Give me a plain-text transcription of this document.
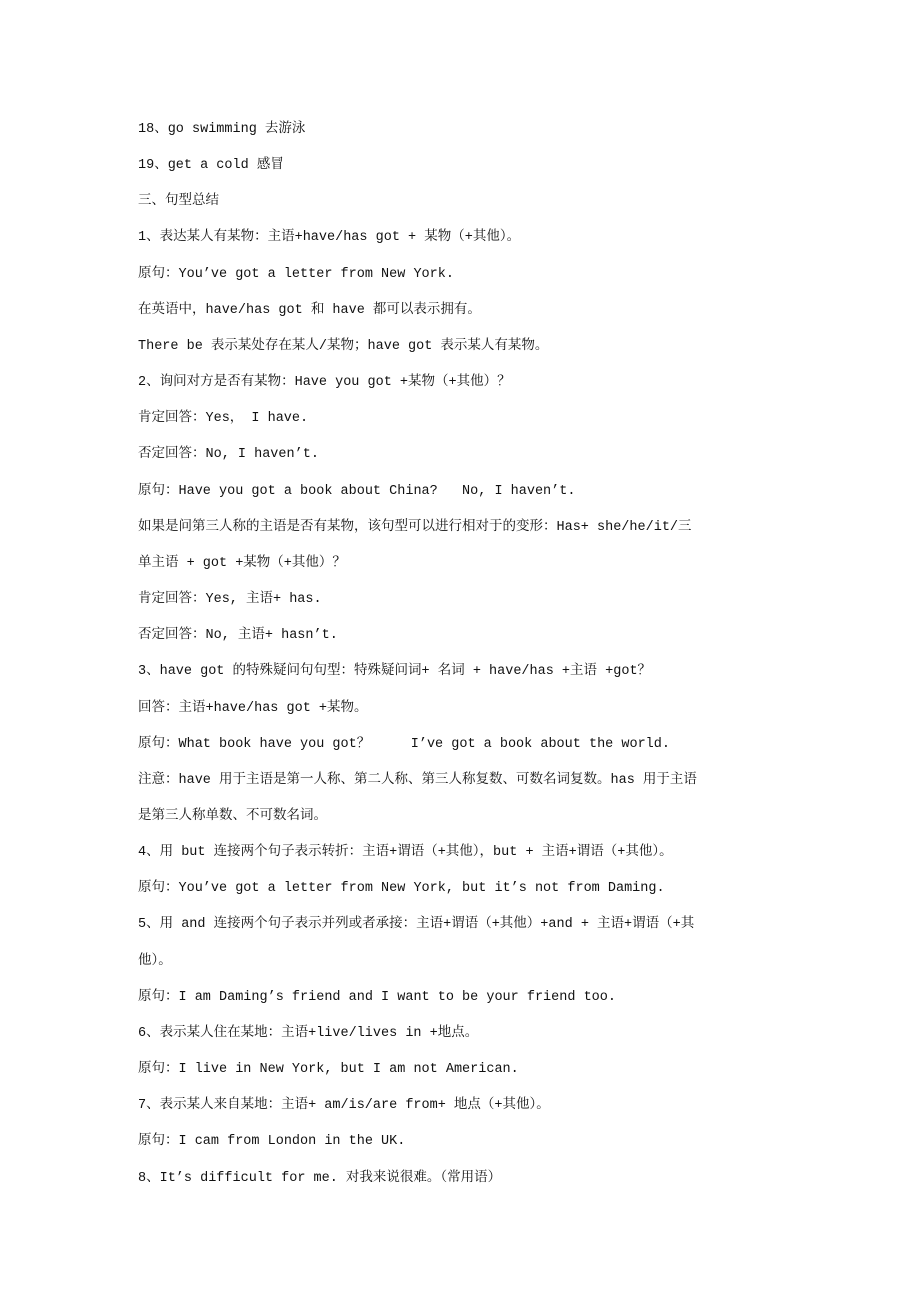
18、go swimming 去游泳
19、get a cold 感冒
三、句型总结
1、表达某人有某物：主语+have/has got + 某物（+其他）。
原句：You’ve got a letter from New York.
在英语中，have/has got 和 have 都可以表示拥有。
There be 表示某处存在某人/某物；have got 表示某人有某物。
2、询问对方是否有某物：Have you got +某物（+其他）？
肯定回答：Yes， I have.
否定回答：No, I haven’t.
原句：Have you got a book about China?   No, I haven’t.
如果是问第三人称的主语是否有某物，该句型可以进行相对于的变形：Has+ she/he/it/三
单主语 + got +某物（+其他）？
肯定回答：Yes, 主语+ has.
否定回答：No, 主语+ hasn’t.
3、have got 的特殊疑问句句型：特殊疑问词+ 名词 + have/has +主语 +got？
回答：主语+have/has got +某物。
原句：What book have you got？     I’ve got a book about the world.
注意：have 用于主语是第一人称、第二人称、第三人称复数、可数名词复数。has 用于主语
是第三人称单数、不可数名词。
4、用 but 连接两个句子表示转折：主语+谓语（+其他），but + 主语+谓语（+其他）。
原句：You’ve got a letter from New York, but it’s not from Daming.
5、用 and 连接两个句子表示并列或者承接：主语+谓语（+其他）+and + 主语+谓语（+其
他）。
原句：I am Daming’s friend and I want to be your friend too.
6、表示某人住在某地：主语+live/lives in +地点。
原句：I live in New York, but I am not American.
7、表示某人来自某地：主语+ am/is/are from+ 地点（+其他）。
原句：I cam from London in the UK.
8、It’s difficult for me. 对我来说很难。（常用语）
